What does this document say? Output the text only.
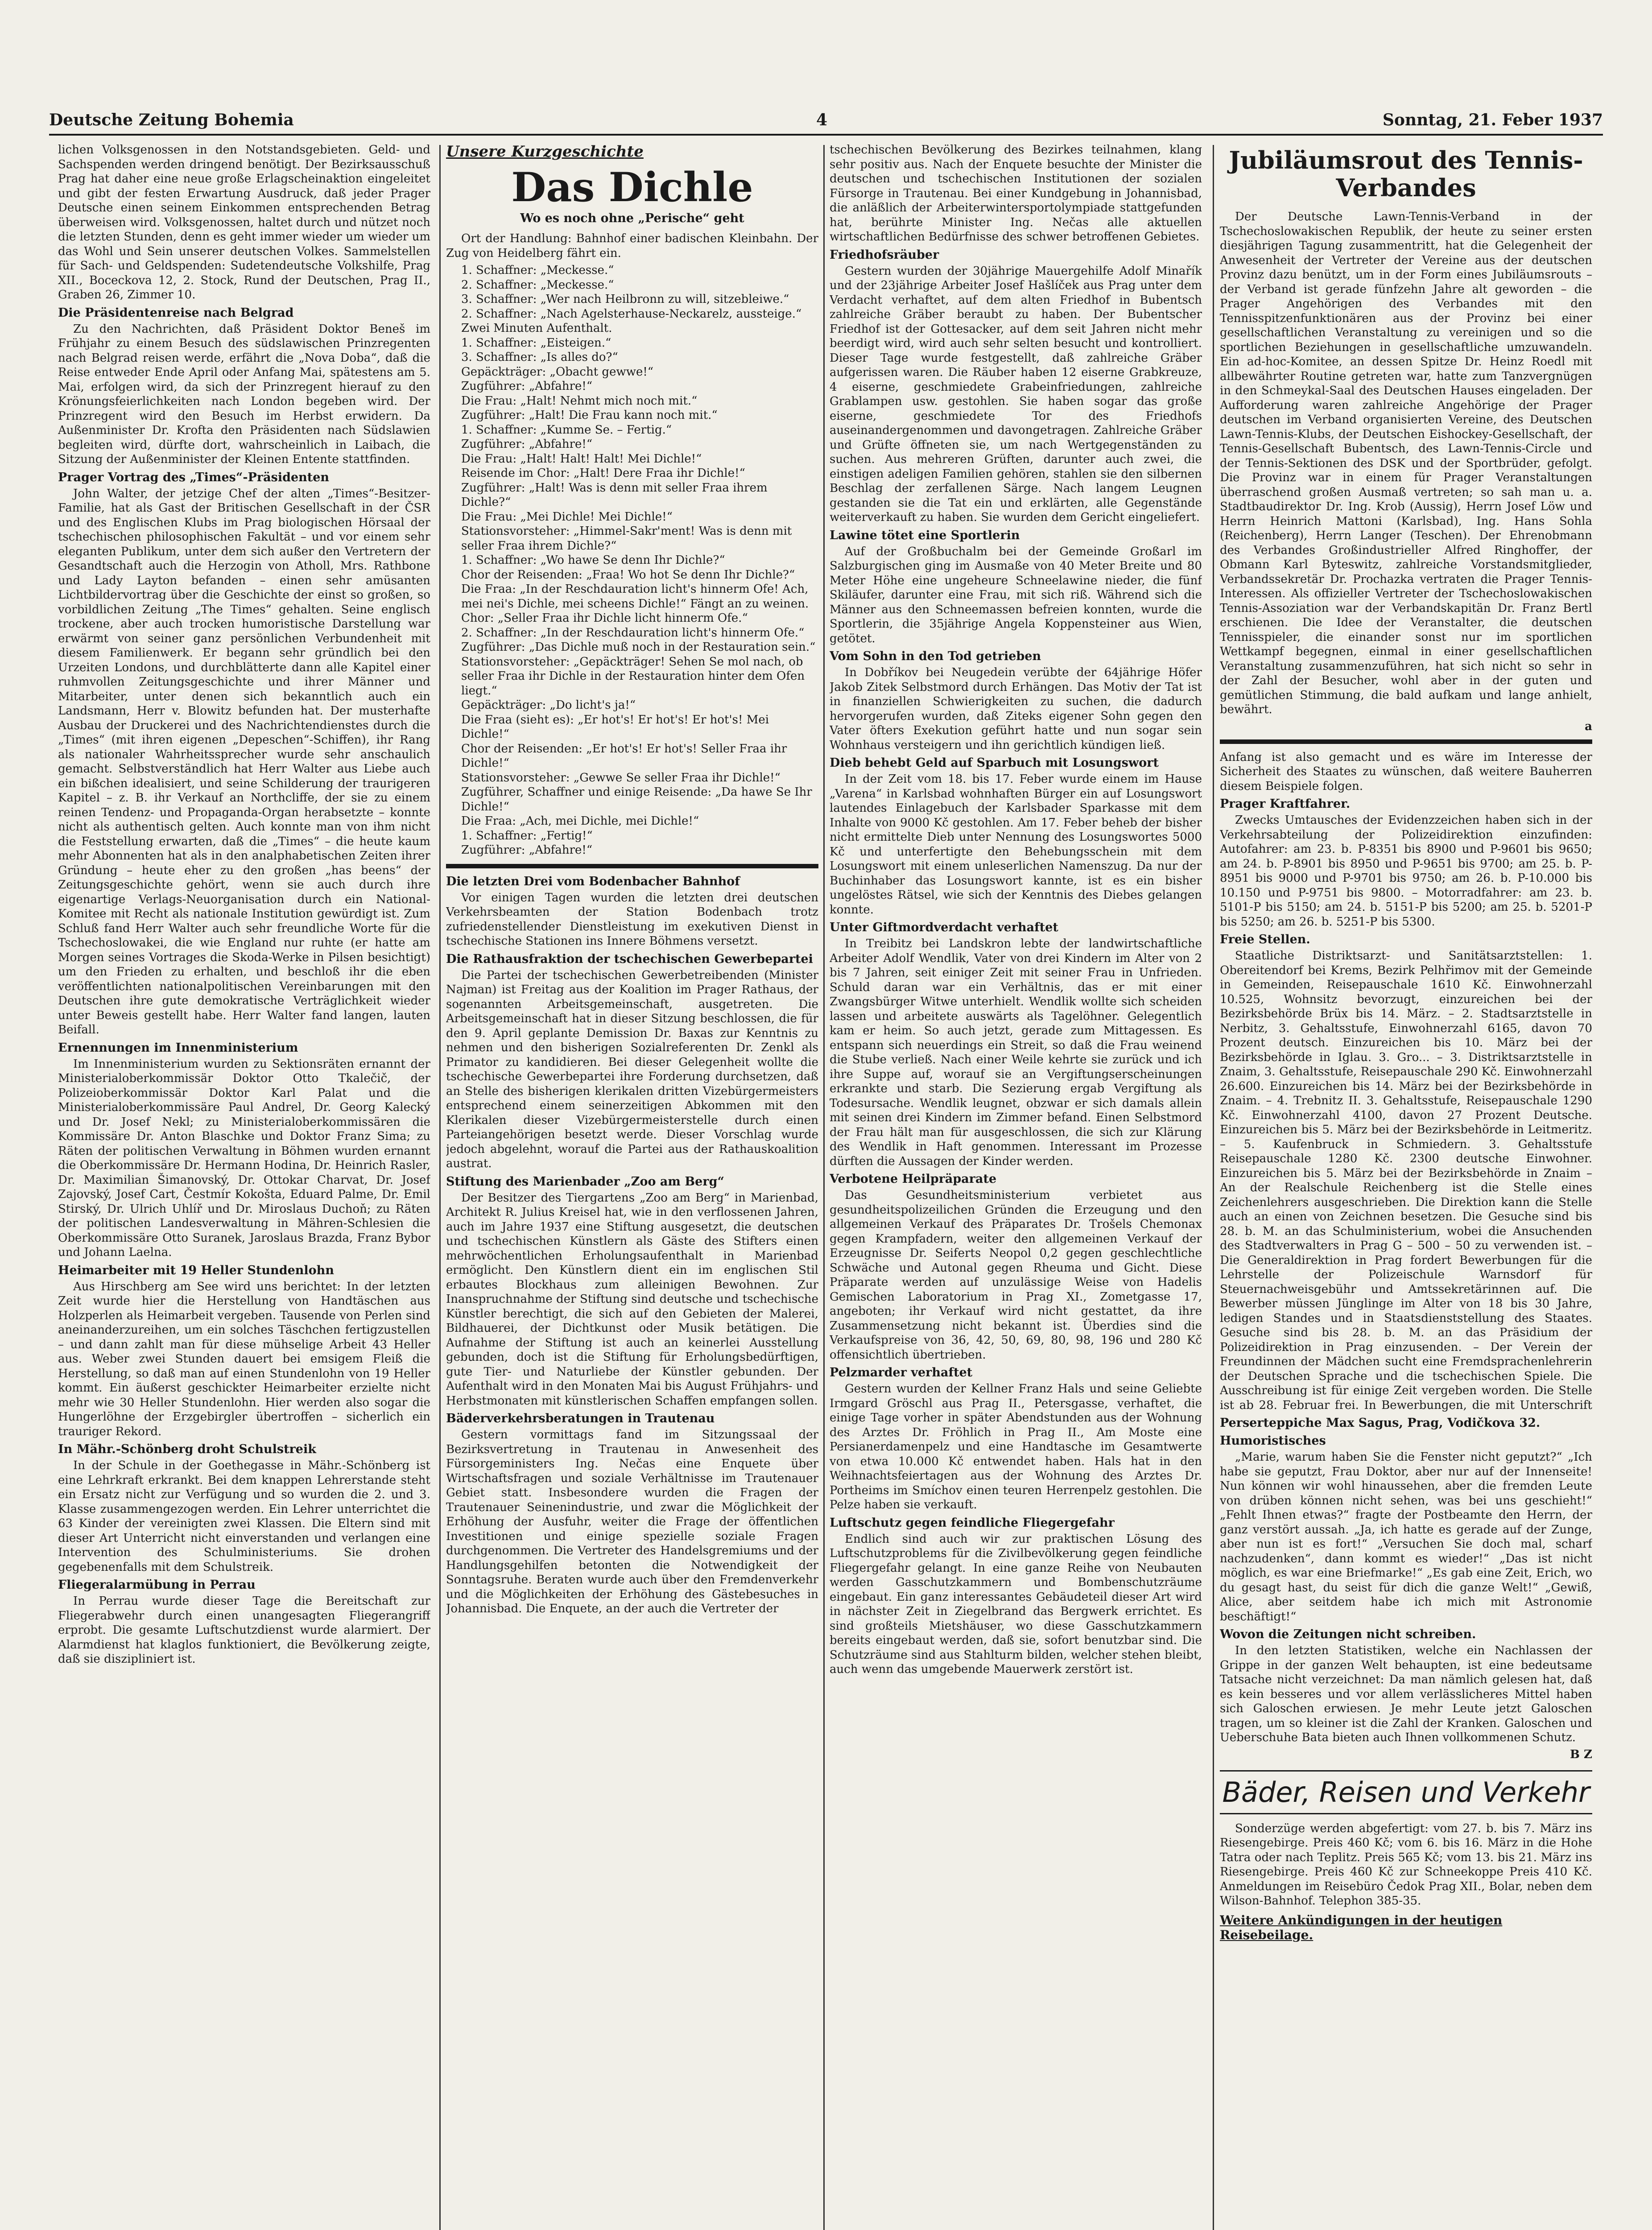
Deutsche Zeitung Bohemia	4	Sonntag, 21. Feber 1937

lichen Volksgenossen in den Notstandsgebieten. Geld- und Sachspenden werden dringend benötigt. Der Bezirksausschuß Prag hat daher eine neue große Erlagscheinaktion eingeleitet und gibt der festen Erwartung Ausdruck, daß jeder Prager Deutsche einen seinem Einkommen entsprechenden Betrag überweisen wird. Volksgenossen, haltet durch und nützet noch die letzten Stunden, denn es geht immer wieder um wieder um das Wohl und Sein unserer deutschen Volkes. Sammelstellen für Sach- und Geldspenden: Sudetendeutsche Volkshilfe, Prag XII., Boceckova 12, 2. Stock, Rund der Deutschen, Prag II., Graben 26, Zimmer 10.

Die Präsidentenreise nach Belgrad

Zu den Nachrichten, daß Präsident Doktor Beneš im Frühjahr zu einem Besuch des südslawischen Prinzregenten nach Belgrad reisen werde, erfährt die „Nova Doba“, daß die Reise entweder Ende April oder Anfang Mai, spätestens am 5. Mai, erfolgen wird, da sich der Prinzregent hierauf zu den Krönungsfeierlichkeiten nach London begeben wird. Der Prinzregent wird den Besuch im Herbst erwidern. Da Außenminister Dr. Krofta den Präsidenten nach Südslawien begleiten wird, dürfte dort, wahrscheinlich in Laibach, die Sitzung der Außenminister der Kleinen Entente stattfinden.

Prager Vortrag des „Times“-Präsidenten

John Walter, der jetzige Chef der alten „Times“-Besitzer-Familie, hat als Gast der Britischen Gesellschaft in der ČSR und des Englischen Klubs im Prag biologischen Hörsaal der tschechischen philosophischen Fakultät – und vor einem sehr eleganten Publikum, unter dem sich außer den Vertretern der Gesandtschaft auch die Herzogin von Atholl, Mrs. Rathbone und Lady Layton befanden – einen sehr amüsanten Lichtbildervortrag über die Geschichte der einst so großen, so vorbildlichen Zeitung „The Times“ gehalten. Seine englisch trockene, aber auch trocken humoristische Darstellung war erwärmt von seiner ganz persönlichen Verbundenheit mit diesem Familienwerk. Er begann sehr gründlich bei den Urzeiten Londons, und durchblätterte dann alle Kapitel einer ruhmvollen Zeitungsgeschichte und ihrer Männer und Mitarbeiter, unter denen sich bekanntlich auch ein Landsmann, Herr v. Blowitz befunden hat. Der musterhafte Ausbau der Druckerei und des Nachrichtendienstes durch die „Times“ (mit ihren eigenen „Depeschen“-Schiffen), ihr Rang als nationaler Wahrheitssprecher wurde sehr anschaulich gemacht. Selbstverständlich hat Herr Walter aus Liebe auch ein bißchen idealisiert, und seine Schilderung der traurigeren Kapitel – z. B. ihr Verkauf an Northcliffe, der sie zu einem reinen Tendenz- und Propaganda-Organ herabsetzte – konnte nicht als authentisch gelten. Auch konnte man von ihm nicht die Feststellung erwarten, daß die „Times“ – die heute kaum mehr Abonnenten hat als in den analphabetischen Zeiten ihrer Gründung – heute eher zu den großen „has beens“ der Zeitungsgeschichte gehört, wenn sie auch durch ihre eigenartige Verlags-Neuorganisation durch ein National-Komitee mit Recht als nationale Institution gewürdigt ist. Zum Schluß fand Herr Walter auch sehr freundliche Worte für die Tschechoslowakei, die wie England nur ruhte (er hatte am Morgen seines Vortrages die Skoda-Werke in Pilsen besichtigt) um den Frieden zu erhalten, und beschloß ihr die eben veröffentlichten nationalpolitischen Vereinbarungen mit den Deutschen ihre gute demokratische Verträglichkeit wieder unter Beweis gestellt habe. Herr Walter fand langen, lauten Beifall.

Ernennungen im Innenministerium

Im Innenministerium wurden zu Sektionsräten ernannt der Ministerialoberkommissär Doktor Otto Tkalečič, der Polizeioberkommissär Doktor Karl Palat und die Ministerialoberkommissäre Paul Andrel, Dr. Georg Kalecký und Dr. Josef Nekl; zu Ministerialoberkommissären die Kommissäre Dr. Anton Blaschke und Doktor Franz Sima; zu Räten der politischen Verwaltung in Böhmen wurden ernannt die Oberkommissäre Dr. Hermann Hodina, Dr. Heinrich Rasler, Dr. Maximilian Šimanovský, Dr. Ottokar Charvat, Dr. Josef Zajovský, Josef Cart, Čestmír Kokošta, Eduard Palme, Dr. Emil Stirský, Dr. Ulrich Uhlíř und Dr. Miroslaus Duchoň; zu Räten der politischen Landesverwaltung in Mähren-Schlesien die Oberkommissäre Otto Suranek, Jaroslaus Brazda, Franz Bybor und Johann Laelna.

Heimarbeiter mit 19 Heller Stundenlohn

Aus Hirschberg am See wird uns berichtet: In der letzten Zeit wurde hier die Herstellung von Handtäschen aus Holzperlen als Heimarbeit vergeben. Tausende von Perlen sind aneinanderzureihen, um ein solches Täschchen fertigzustellen – und dann zahlt man für diese mühselige Arbeit 43 Heller aus. Weber zwei Stunden dauert bei emsigem Fleiß die Herstellung, so daß man auf einen Stundenlohn von 19 Heller kommt. Ein äußerst geschickter Heimarbeiter erzielte nicht mehr wie 30 Heller Stundenlohn. Hier werden also sogar die Hungerlöhne der Erzgebirgler übertroffen – sicherlich ein trauriger Rekord.

In Mähr.-Schönberg droht Schulstreik

In der Schule in der Goethegasse in Mähr.-Schönberg ist eine Lehrkraft erkrankt. Bei dem knappen Lehrerstande steht ein Ersatz nicht zur Verfügung und so wurden die 2. und 3. Klasse zusammengezogen werden. Ein Lehrer unterrichtet die 63 Kinder der vereinigten zwei Klassen. Die Eltern sind mit dieser Art Unterricht nicht einverstanden und verlangen eine Intervention des Schulministeriums. Sie drohen gegebenenfalls mit dem Schulstreik.

Fliegeralarmübung in Perrau

In Perrau wurde dieser Tage die Bereitschaft zur Fliegerabwehr durch einen unangesagten Fliegerangriff erprobt. Die gesamte Luftschutzdienst wurde alarmiert. Der Alarmdienst hat klaglos funktioniert, die Bevölkerung zeigte, daß sie diszipliniert ist.

Unsere Kurzgeschichte
Das Dichle
Wo es noch ohne „Perische“ geht

Ort der Handlung: Bahnhof einer badischen Kleinbahn. Der Zug von Heidelberg fährt ein.

1. Schaffner: „Meckesse.“
2. Schaffner: „Meckesse.“
3. Schaffner: „Wer nach Heilbronn zu will, sitzebleiwe.“
2. Schaffner: „Nach Agelsterhause-Neckarelz, aussteige.“ Zwei Minuten Aufenthalt.
1. Schaffner: „Eisteigen.“
3. Schaffner: „Is alles do?“
Gepäckträger: „Obacht gewwe!“
Zugführer: „Abfahre!“
Die Frau: „Halt! Nehmt mich noch mit.“
Zugführer: „Halt! Die Frau kann noch mit.“
1. Schaffner: „Kumme Se. – Fertig.“
Zugführer: „Abfahre!“
Die Frau: „Halt! Halt! Halt! Mei Dichle!“
Reisende im Chor: „Halt! Dere Fraa ihr Dichle!“
Zugführer: „Halt! Was is denn mit seller Fraa ihrem Dichle?“
Die Frau: „Mei Dichle! Mei Dichle!“
Stationsvorsteher: „Himmel-Sakr'ment! Was is denn mit seller Fraa ihrem Dichle?“
1. Schaffner: „Wo hawe Se denn Ihr Dichle?“
Chor der Reisenden: „Fraa! Wo hot Se denn Ihr Dichle?“
Die Fraa: „In der Reschdauration licht's hinnerm Ofe! Ach, mei nei's Dichle, mei scheens Dichle!“ Fängt an zu weinen.
Chor: „Seller Fraa ihr Dichle licht hinnerm Ofe.“
2. Schaffner: „In der Reschdauration licht's hinnerm Ofe.“
Zugführer: „Das Dichle muß noch in der Restauration sein.“
Stationsvorsteher: „Gepäckträger! Sehen Se mol nach, ob seller Fraa ihr Dichle in der Restauration hinter dem Ofen liegt.“
Gepäckträger: „Do licht's ja!“
Die Fraa (sieht es): „Er hot's! Er hot's! Er hot's! Mei Dichle!“
Chor der Reisenden: „Er hot's! Er hot's! Seller Fraa ihr Dichle!“
Stationsvorsteher: „Gewwe Se seller Fraa ihr Dichle!“
Zugführer, Schaffner und einige Reisende: „Da hawe Se Ihr Dichle!“
Die Fraa: „Ach, mei Dichle, mei Dichle!“
1. Schaffner: „Fertig!“
Zugführer: „Abfahre!“
Die letzten Drei vom Bodenbacher Bahnhof

Vor einigen Tagen wurden die letzten drei deutschen Verkehrsbeamten der Station Bodenbach trotz zufriedenstellender Dienstleistung im exekutiven Dienst in tschechische Stationen ins Innere Böhmens versetzt.

Die Rathausfraktion der tschechischen Gewerbepartei

Die Partei der tschechischen Gewerbetreibenden (Minister Najman) ist Freitag aus der Koalition im Prager Rathaus, der sogenannten Arbeitsgemeinschaft, ausgetreten. Die Arbeitsgemeinschaft hat in dieser Sitzung beschlossen, die für den 9. April geplante Demission Dr. Baxas zur Kenntnis zu nehmen und den bisherigen Sozialreferenten Dr. Zenkl als Primator zu kandidieren. Bei dieser Gelegenheit wollte die tschechische Gewerbepartei ihre Forderung durchsetzen, daß an Stelle des bisherigen klerikalen dritten Vizebürgermeisters entsprechend einem seinerzeitigen Abkommen mit den Klerikalen dieser Vizebürgermeisterstelle durch einen Parteiangehörigen besetzt werde. Dieser Vorschlag wurde jedoch abgelehnt, worauf die Partei aus der Rathauskoalition austrat.

Stiftung des Marienbader „Zoo am Berg“

Der Besitzer des Tiergartens „Zoo am Berg“ in Marienbad, Architekt R. Julius Kreisel hat, wie in den verflossenen Jahren, auch im Jahre 1937 eine Stiftung ausgesetzt, die deutschen und tschechischen Künstlern als Gäste des Stifters einen mehrwöchentlichen Erholungsaufenthalt in Marienbad ermöglicht. Den Künstlern dient ein im englischen Stil erbautes Blockhaus zum alleinigen Bewohnen. Zur Inanspruchnahme der Stiftung sind deutsche und tschechische Künstler berechtigt, die sich auf den Gebieten der Malerei, Bildhauerei, der Dichtkunst oder Musik betätigen. Die Aufnahme der Stiftung ist auch an keinerlei Ausstellung gebunden, doch ist die Stiftung für Erholungsbedürftigen, gute Tier- und Naturliebe der Künstler gebunden. Der Aufenthalt wird in den Monaten Mai bis August Frühjahrs- und Herbstmonaten mit künstlerischen Schaffen empfangen sollen.

Bäderverkehrsberatungen in Trautenau

Gestern vormittags fand im Sitzungssaal der Bezirksvertretung in Trautenau in Anwesenheit des Fürsorgeministers Ing. Nečas eine Enquete über Wirtschaftsfragen und soziale Verhältnisse im Trautenauer Gebiet statt. Insbesondere wurden die Fragen der Trautenauer Seinenindustrie, und zwar die Möglichkeit der Erhöhung der Ausfuhr, weiter die Frage der öffentlichen Investitionen und einige spezielle soziale Fragen durchgenommen. Die Vertreter des Handelsgremiums und der Handlungsgehilfen betonten die Notwendigkeit der Sonntagsruhe. Beraten wurde auch über den Fremdenverkehr und die Möglichkeiten der Erhöhung des Gästebesuches in Johannisbad. Die Enquete, an der auch die Vertreter der

tschechischen Bevölkerung des Bezirkes teilnahmen, klang sehr positiv aus. Nach der Enquete besuchte der Minister die deutschen und tschechischen Institutionen der sozialen Fürsorge in Trautenau. Bei einer Kundgebung in Johannisbad, die anläßlich der Arbeiterwintersportolympiade stattgefunden hat, berührte Minister Ing. Nečas alle aktuellen wirtschaftlichen Bedürfnisse des schwer betroffenen Gebietes.

Friedhofsräuber

Gestern wurden der 30jährige Mauergehilfe Adolf Minařík und der 23jährige Arbeiter Josef Hašlíček aus Prag unter dem Verdacht verhaftet, auf dem alten Friedhof in Bubentsch zahlreiche Gräber beraubt zu haben. Der Bubentscher Friedhof ist der Gottesacker, auf dem seit Jahren nicht mehr beerdigt wird, wird auch sehr selten besucht und kontrolliert. Dieser Tage wurde festgestellt, daß zahlreiche Gräber aufgerissen waren. Die Räuber haben 12 eiserne Grabkreuze, 4 eiserne, geschmiedete Grabeinfriedungen, zahlreiche Grablampen usw. gestohlen. Sie haben sogar das große eiserne, geschmiedete Tor des Friedhofs auseinandergenommen und davongetragen. Zahlreiche Gräber und Grüfte öffneten sie, um nach Wertgegenständen zu suchen. Aus mehreren Grüften, darunter auch zwei, die einstigen adeligen Familien gehören, stahlen sie den silbernen Beschlag der zerfallenen Särge. Nach langem Leugnen gestanden sie die Tat ein und erklärten, alle Gegenstände weiterverkauft zu haben. Sie wurden dem Gericht eingeliefert.

Lawine tötet eine Sportlerin

Auf der Großbuchalm bei der Gemeinde Großarl im Salzburgischen ging im Ausmaße von 40 Meter Breite und 80 Meter Höhe eine ungeheure Schneelawine nieder, die fünf Skiläufer, darunter eine Frau, mit sich riß. Während sich die Männer aus den Schneemassen befreien konnten, wurde die Sportlerin, die 35jährige Angela Koppensteiner aus Wien, getötet.

Vom Sohn in den Tod getrieben

In Dobříkov bei Neugedein verübte der 64jährige Höfer Jakob Zitek Selbstmord durch Erhängen. Das Motiv der Tat ist in finanziellen Schwierigkeiten zu suchen, die dadurch hervorgerufen wurden, daß Ziteks eigener Sohn gegen den Vater öfters Exekution geführt hatte und nun sogar sein Wohnhaus versteigern und ihn gerichtlich kündigen ließ.

Dieb behebt Geld auf Sparbuch mit Losungswort

In der Zeit vom 18. bis 17. Feber wurde einem im Hause „Varena“ in Karlsbad wohnhaften Bürger ein auf Losungswort lautendes Einlagebuch der Karlsbader Sparkasse mit dem Inhalte von 9000 Kč gestohlen. Am 17. Feber beheb der bisher nicht ermittelte Dieb unter Nennung des Losungswortes 5000 Kč und unterfertigte den Behebungsschein mit dem Losungswort mit einem unleserlichen Namenszug. Da nur der Buchinhaber das Losungswort kannte, ist es ein bisher ungelöstes Rätsel, wie sich der Kenntnis des Diebes gelangen konnte.

Unter Giftmordverdacht verhaftet

In Treibitz bei Landskron lebte der landwirtschaftliche Arbeiter Adolf Wendlik, Vater von drei Kindern im Alter von 2 bis 7 Jahren, seit einiger Zeit mit seiner Frau in Unfrieden. Schuld daran war ein Verhältnis, das er mit einer Zwangsbürger Witwe unterhielt. Wendlik wollte sich scheiden lassen und arbeitete auswärts als Tagelöhner. Gelegentlich kam er heim. So auch jetzt, gerade zum Mittagessen. Es entspann sich neuerdings ein Streit, so daß die Frau weinend die Stube verließ. Nach einer Weile kehrte sie zurück und ich ihre Suppe auf, worauf sie an Vergiftungserscheinungen erkrankte und starb. Die Sezierung ergab Vergiftung als Todesursache. Wendlik leugnet, obzwar er sich damals allein mit seinen drei Kindern im Zimmer befand. Einen Selbstmord der Frau hält man für ausgeschlossen, die sich zur Klärung des Wendlik in Haft genommen. Interessant im Prozesse dürften die Aussagen der Kinder werden.

Verbotene Heilpräparate

Das Gesundheitsministerium verbietet aus gesundheitspolizeilichen Gründen die Erzeugung und den allgemeinen Verkauf des Präparates Dr. Trošels Chemonax gegen Krampfadern, weiter den allgemeinen Verkauf der Erzeugnisse Dr. Seiferts Neopol 0,2 gegen geschlechtliche Schwäche und Autonal gegen Rheuma und Gicht. Diese Präparate werden auf unzulässige Weise von Hadelis Gemischen Laboratorium in Prag XI., Zometgasse 17, angeboten; ihr Verkauf wird nicht gestattet, da ihre Zusammensetzung nicht bekannt ist. Überdies sind die Verkaufspreise von 36, 42, 50, 69, 80, 98, 196 und 280 Kč offensichtlich übertrieben.

Pelzmarder verhaftet

Gestern wurden der Kellner Franz Hals und seine Geliebte Irmgard Gröschl aus Prag II., Petersgasse, verhaftet, die einige Tage vorher in später Abendstunden aus der Wohnung des Arztes Dr. Fröhlich in Prag II., Am Moste eine Persianerdamenpelz und eine Handtasche im Gesamtwerte von etwa 10.000 Kč entwendet haben. Hals hat in den Weihnachtsfeiertagen aus der Wohnung des Arztes Dr. Portheims im Smíchov einen teuren Herrenpelz gestohlen. Die Pelze haben sie verkauft.

Luftschutz gegen feindliche Fliegergefahr

Endlich sind auch wir zur praktischen Lösung des Luftschutzproblems für die Zivilbevölkerung gegen feindliche Fliegergefahr gelangt. In eine ganze Reihe von Neubauten werden Gasschutzkammern und Bombenschutzräume eingebaut. Ein ganz interessantes Gebäudeteil dieser Art wird in nächster Zeit in Ziegelbrand das Bergwerk errichtet. Es sind großteils Mietshäuser, wo diese Gasschutzkammern bereits eingebaut werden, daß sie, sofort benutzbar sind. Die Schutzräume sind aus Stahlturm bilden, welcher stehen bleibt, auch wenn das umgebende Mauerwerk zerstört ist.

Jubiläumsrout des Tennis-Verbandes

Der Deutsche Lawn-Tennis-Verband in der Tschechoslowakischen Republik, der heute zu seiner ersten diesjährigen Tagung zusammentritt, hat die Gelegenheit der Anwesenheit der Vertreter der Vereine aus der deutschen Provinz dazu benützt, um in der Form eines Jubiläumsrouts – der Verband ist gerade fünfzehn Jahre alt geworden – die Prager Angehörigen des Verbandes mit den Tennisspitzenfunktionären aus der Provinz bei einer gesellschaftlichen Veranstaltung zu vereinigen und so die sportlichen Beziehungen in gesellschaftliche umzuwandeln. Ein ad-hoc-Komitee, an dessen Spitze Dr. Heinz Roedl mit allbewährter Routine getreten war, hatte zum Tanzvergnügen in den Schmeykal-Saal des Deutschen Hauses eingeladen. Der Aufforderung waren zahlreiche Angehörige der Prager deutschen im Verband organisierten Vereine, des Deutschen Lawn-Tennis-Klubs, der Deutschen Eishockey-Gesellschaft, der Tennis-Gesellschaft Bubentsch, des Lawn-Tennis-Circle und der Tennis-Sektionen des DSK und der Sportbrüder, gefolgt. Die Provinz war in einem für Prager Veranstaltungen überraschend großen Ausmaß vertreten; so sah man u. a. Stadtbaudirektor Dr. Ing. Krob (Aussig), Herrn Josef Löw und Herrn Heinrich Mattoni (Karlsbad), Ing. Hans Sohla (Reichenberg), Herrn Langer (Teschen). Der Ehrenobmann des Verbandes Großindustrieller Alfred Ringhoffer, der Obmann Karl Byteswitz, zahlreiche Vorstandsmitglieder, Verbandssekretär Dr. Prochazka vertraten die Prager Tennis-Interessen. Als offizieller Vertreter der Tschechoslowakischen Tennis-Assoziation war der Verbandskapitän Dr. Franz Bertl erschienen. Die Idee der Veranstalter, die deutschen Tennisspieler, die einander sonst nur im sportlichen Wettkampf begegnen, einmal in einer gesellschaftlichen Veranstaltung zusammenzuführen, hat sich nicht so sehr in der Zahl der Besucher, wohl aber in der guten und gemütlichen Stimmung, die bald aufkam und lange anhielt, bewährt.

a

Anfang ist also gemacht und es wäre im Interesse der Sicherheit des Staates zu wünschen, daß weitere Bauherren diesem Beispiele folgen.

Prager Kraftfahrer.

Zwecks Umtausches der Evidenzzeichen haben sich in der Verkehrsabteilung der Polizeidirektion einzufinden: Autofahrer: am 23. b. P-8351 bis 8900 und P-9601 bis 9650; am 24. b. P-8901 bis 8950 und P-9651 bis 9700; am 25. b. P-8951 bis 9000 und P-9701 bis 9750; am 26. b. P-10.000 bis 10.150 und P-9751 bis 9800. – Motorradfahrer: am 23. b. 5101-P bis 5150; am 24. b. 5151-P bis 5200; am 25. b. 5201-P bis 5250; am 26. b. 5251-P bis 5300.

Freie Stellen.

Staatliche Distriktsarzt- und Sanitätsarztstellen: 1. Obereitendorf bei Krems, Bezirk Pelhřimov mit der Gemeinde in Gemeinden, Reisepauschale 1610 Kč. Einwohnerzahl 10.525, Wohnsitz bevorzugt, einzureichen bei der Bezirksbehörde Brüx bis 14. März. – 2. Stadtsarztstelle in Nerbitz, 3. Gehaltsstufe, Einwohnerzahl 6165, davon 70 Prozent deutsch. Einzureichen bis 10. März bei der Bezirksbehörde in Iglau. 3. Gro... – 3. Distriktsarztstelle in Znaim, 3. Gehaltsstufe, Reisepauschale 290 Kč. Einwohnerzahl 26.600. Einzureichen bis 14. März bei der Bezirksbehörde in Znaim. – 4. Trebnitz II. 3. Gehaltsstufe, Reisepauschale 1290 Kč. Einwohnerzahl 4100, davon 27 Prozent Deutsche. Einzureichen bis 5. März bei der Bezirksbehörde in Leitmeritz. – 5. Kaufenbruck in Schmiedern. 3. Gehaltsstufe Reisepauschale 1280 Kč. 2300 deutsche Einwohner. Einzureichen bis 5. März bei der Bezirksbehörde in Znaim – An der Realschule Reichenberg ist die Stelle eines Zeichenlehrers ausgeschrieben. Die Direktion kann die Stelle auch an einen von Zeichnen besetzen. Die Gesuche sind bis 28. b. M. an das Schulministerium, wobei die Ansuchenden des Stadtverwalters in Prag G – 500 – 50 zu verwenden ist. – Die Generaldirektion in Prag fordert Bewerbungen für die Lehrstelle der Polizeischule Warnsdorf für Steuernachweisgebühr und Amtssekretärinnen auf. Die Bewerber müssen Jünglinge im Alter von 18 bis 30 Jahre, ledigen Standes und in Staatsdienststellung des Staates. Gesuche sind bis 28. b. M. an das Präsidium der Polizeidirektion in Prag einzusenden. – Der Verein der Freundinnen der Mädchen sucht eine Fremdsprachenlehrerin der Deutschen Sprache und die tschechischen Spiele. Die Ausschreibung ist für einige Zeit vergeben worden. Die Stelle ist ab 28. Februar frei. In Bewerbungen, die mit Unterschrift

Perserteppiche Max Sagus, Prag, Vodičkova 32.
Humoristisches

„Marie, warum haben Sie die Fenster nicht geputzt?“ „Ich habe sie geputzt, Frau Doktor, aber nur auf der Innenseite! Nun können wir wohl hinaussehen, aber die fremden Leute von drüben können nicht sehen, was bei uns geschieht!“ „Fehlt Ihnen etwas?“ fragte der Postbeamte den Herrn, der ganz verstört aussah. „Ja, ich hatte es gerade auf der Zunge, aber nun ist es fort!“ „Versuchen Sie doch mal, scharf nachzudenken“, dann kommt es wieder!“ „Das ist nicht möglich, es war eine Briefmarke!“ „Es gab eine Zeit, Erich, wo du gesagt hast, du seist für dich die ganze Welt!“ „Gewiß, Alice, aber seitdem habe ich mich mit Astronomie beschäftigt!“

Wovon die Zeitungen nicht schreiben.

In den letzten Statistiken, welche ein Nachlassen der Grippe in der ganzen Welt behaupten, ist eine bedeutsame Tatsache nicht verzeichnet: Da man nämlich gelesen hat, daß es kein besseres und vor allem verlässlicheres Mittel haben sich Galoschen erwiesen. Je mehr Leute jetzt Galoschen tragen, um so kleiner ist die Zahl der Kranken. Galoschen und Ueberschuhe Bata bieten auch Ihnen vollkommenen Schutz.

B Z
Bäder, Reisen und Verkehr

Sonderzüge werden abgefertigt: vom 27. b. bis 7. März ins Riesengebirge. Preis 460 Kč; vom 6. bis 16. März in die Hohe Tatra oder nach Teplitz. Preis 565 Kč; vom 13. bis 21. März ins Riesengebirge. Preis 460 Kč zur Schneekoppe Preis 410 Kč. Anmeldungen im Reisebüro Čedok Prag XII., Bolar, neben dem Wilson-Bahnhof. Telephon 385-35.

Weitere Ankündigungen in der heutigen Reisebeilage.
